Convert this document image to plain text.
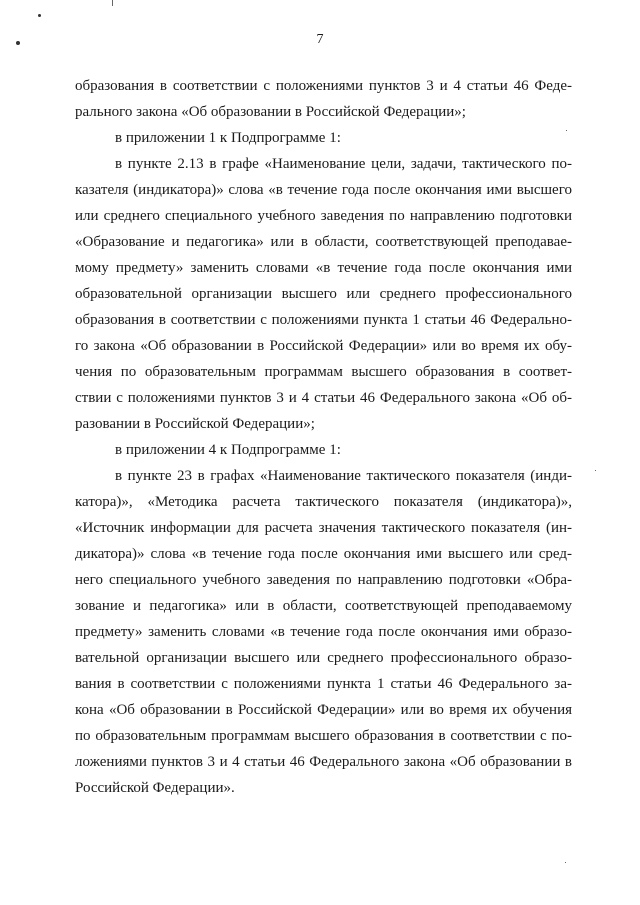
7
образования в соответствии с положениями пунктов 3 и 4 статьи 46 Феде-
рального закона «Об образовании в Российской Федерации»;
в приложении 1 к Подпрограмме 1:
в пункте 2.13 в графе «Наименование цели, задачи, тактического по-
казателя (индикатора)» слова «в течение года после окончания ими высшего
или среднего специального учебного заведения по направлению подготовки
«Образование и педагогика» или в области, соответствующей преподавае-
мому предмету» заменить словами «в течение года после окончания ими
образовательной организации высшего или среднего профессионального
образования в соответствии с положениями пункта 1 статьи 46 Федерально-
го закона «Об образовании в Российской Федерации» или во время их обу-
чения по образовательным программам высшего образования в соответ-
ствии с положениями пунктов 3 и 4 статьи 46 Федерального закона «Об об-
разовании в Российской Федерации»;
в приложении 4 к Подпрограмме 1:
в пункте 23 в графах «Наименование тактического показателя (инди-
катора)», «Методика расчета тактического показателя (индикатора)»,
«Источник информации для расчета значения тактического показателя (ин-
дикатора)» слова «в течение года после окончания ими высшего или сред-
него специального учебного заведения по направлению подготовки «Обра-
зование и педагогика» или в области, соответствующей преподаваемому
предмету» заменить словами «в течение года после окончания ими образо-
вательной организации высшего или среднего профессионального образо-
вания в соответствии с положениями пункта 1 статьи 46 Федерального за-
кона «Об образовании в Российской Федерации» или во время их обучения
по образовательным программам высшего образования в соответствии с по-
ложениями пунктов 3 и 4 статьи 46 Федерального закона «Об образовании в
Российской Федерации».
